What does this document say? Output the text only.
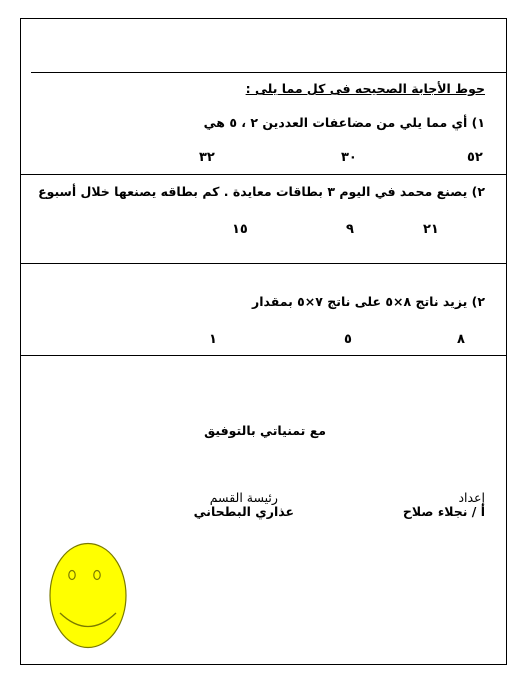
حوط الأجابة الصحيحه فى كل مما يلى :
١) أي مما يلي من مضاعفات العددين ٢ ، ٥ هي
٥٢
٣٠
٣٢
٢) يصنع محمد في اليوم ٣ بطاقات معايدة . كم بطاقه يصنعها خلال أسبوع
٢١
٩
١٥
٢) يزيد ناتج ٨×٥ على ناتج ٧×٥ بمقدار
٨
٥
١
مع تمنياتي بالتوفيق
إعداد
أ / نجلاء صلاح
رئيسة القسم
عذاري البطحاني
